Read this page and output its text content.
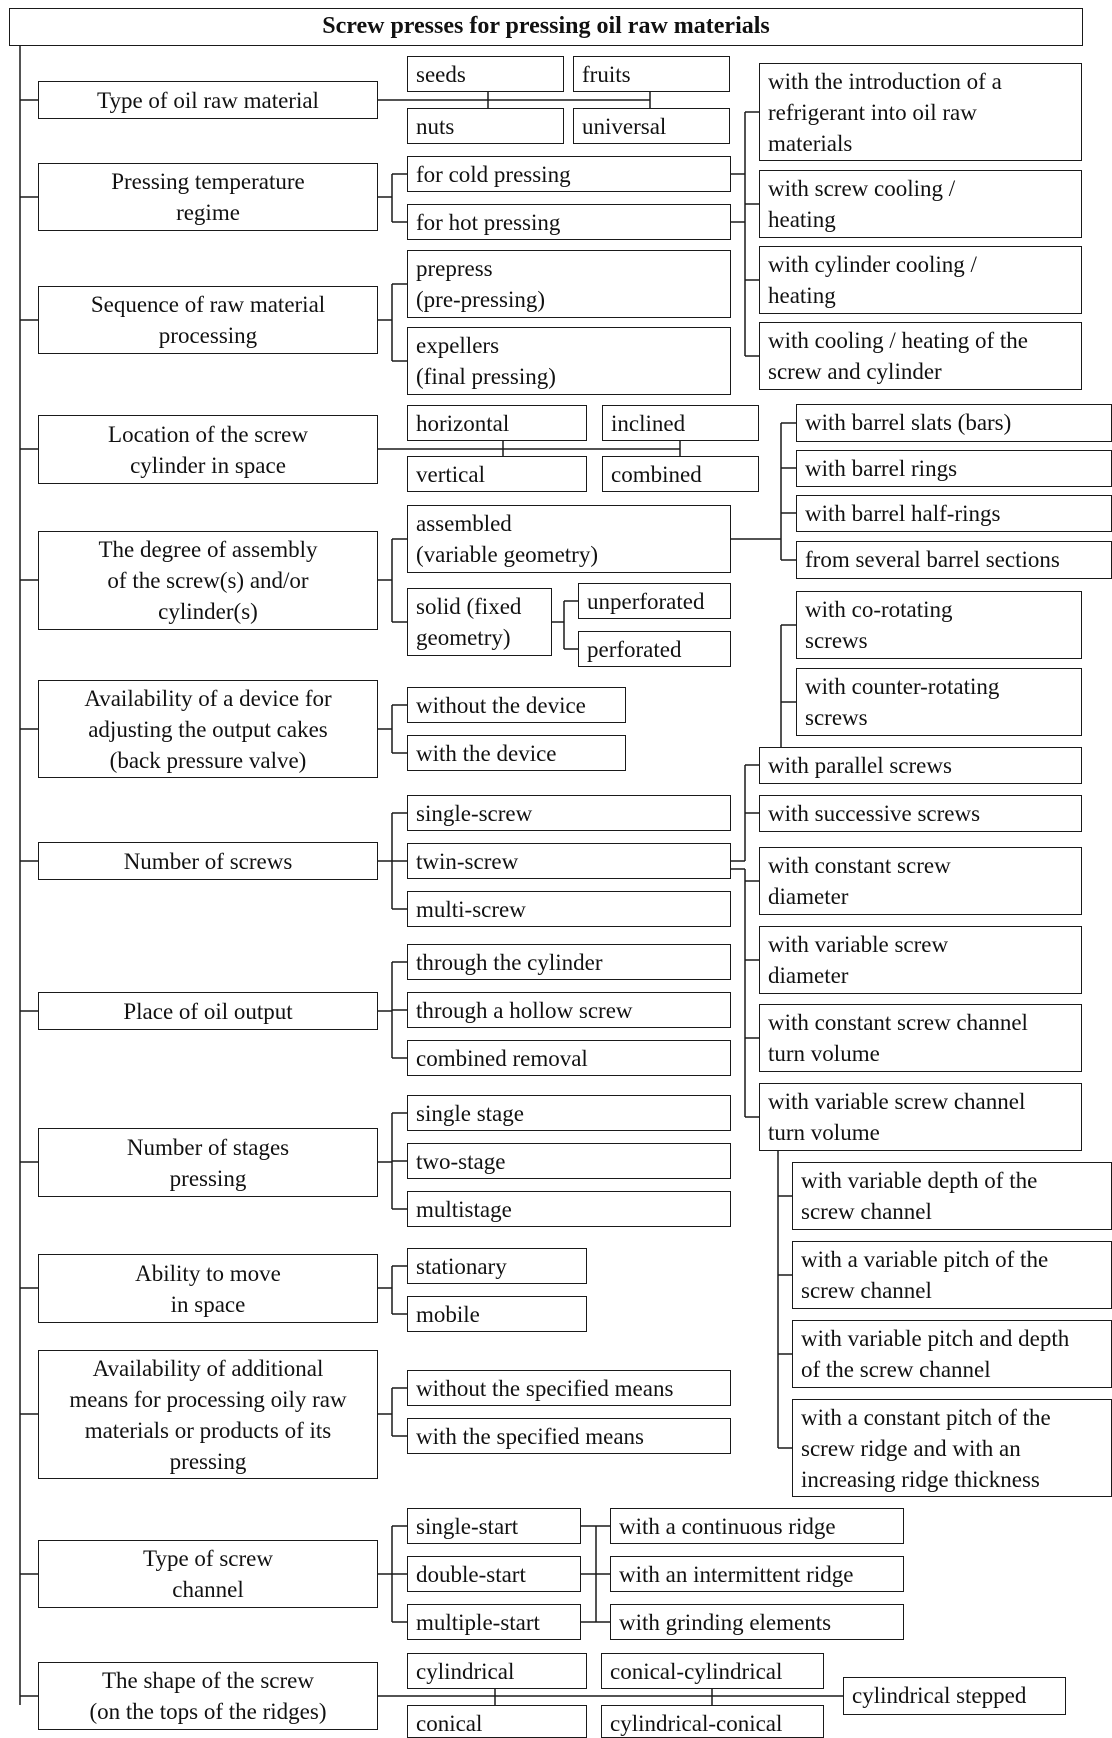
Screw presses for pressing oil raw materials
Type of oil raw material
Pressing temperature
regime
Sequence of raw material
processing
Location of the screw
cylinder in space
The degree of assembly
of the screw(s) and/or
cylinder(s)
Availability of a device for
adjusting the output cakes
(back pressure valve)
Number of screws
Place of oil output
Number of stages
pressing
Ability to move
in space
Availability of additional
means for processing oily raw
materials or products of its
pressing
Type of screw
channel
The shape of the screw
(on the tops of the ridges)
seeds	fruits
nuts	universal
for cold pressing
for hot pressing
prepress
(pre-pressing)
expellers
(final pressing)
horizontal	inclined
vertical	combined
assembled
(variable geometry)
solid (fixed
geometry)
unperforated
perforated
without the device
with the device
single-screw
twin-screw
multi-screw
through the cylinder
through a hollow screw
combined removal
single stage
two-stage
multistage
stationary
mobile
without the specified means
with the specified means
single-start
double-start
multiple-start
with a continuous ridge
with an intermittent ridge
with grinding elements
cylindrical	conical-cylindrical
conical	cylindrical-conical
cylindrical stepped
with the introduction of a
refrigerant into oil raw
materials
with screw cooling /
heating
with cylinder cooling /
heating
with cooling / heating of the
screw and cylinder
with barrel slats (bars)
with barrel rings
with barrel half-rings
from several barrel sections
with co-rotating
screws
with counter-rotating
screws
with parallel screws
with successive screws
with constant screw
diameter
with variable screw
diameter
with constant screw channel
turn volume
with variable screw channel
turn volume
with variable depth of the
screw channel
with a variable pitch of the
screw channel
with variable pitch and depth
of the screw channel
with a constant pitch of the
screw ridge and with an
increasing ridge thickness
